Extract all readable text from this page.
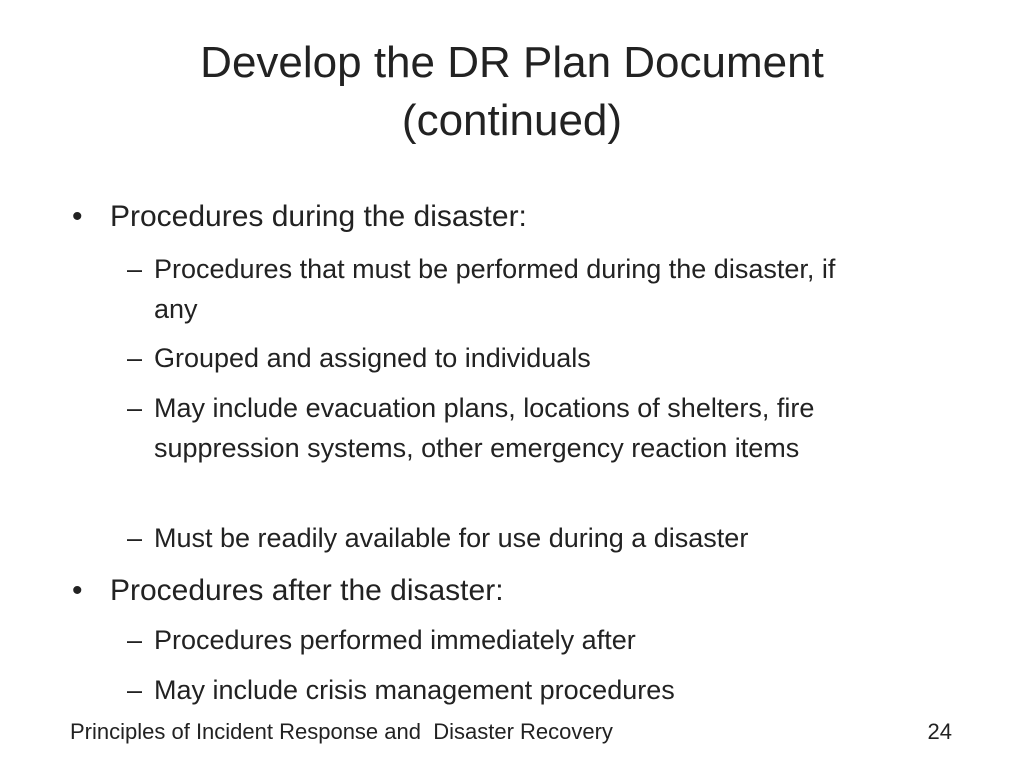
Develop the DR Plan Document
(continued)
• Procedures during the disaster:
– Procedures that must be performed during the disaster, if any
– Grouped and assigned to individuals
– May include evacuation plans, locations of shelters, fire suppression systems, other emergency reaction items
– Must be readily available for use during a disaster
• Procedures after the disaster:
– Procedures performed immediately after
– May include crisis management procedures
Principles of Incident Response and  Disaster Recovery	24
